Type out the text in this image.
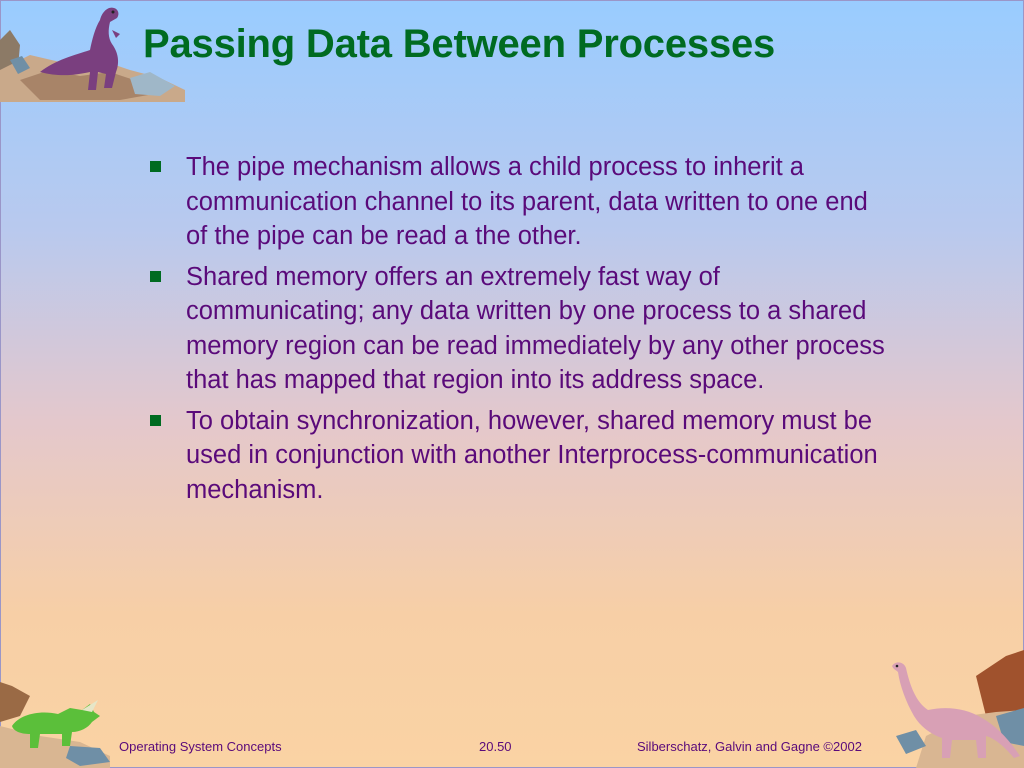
Passing Data Between Processes
The pipe mechanism allows a child process to inherit a communication channel to its parent, data written to one end of the pipe can be read a the other.
Shared memory offers an extremely fast way of communicating; any data written by one process to a shared memory region can be read immediately by any other process that has mapped that region into its address space.
To obtain synchronization, however, shared memory must be used in conjunction with another Interprocess-communication mechanism.
Operating System Concepts	20.50	Silberschatz, Galvin and Gagne ©2002
